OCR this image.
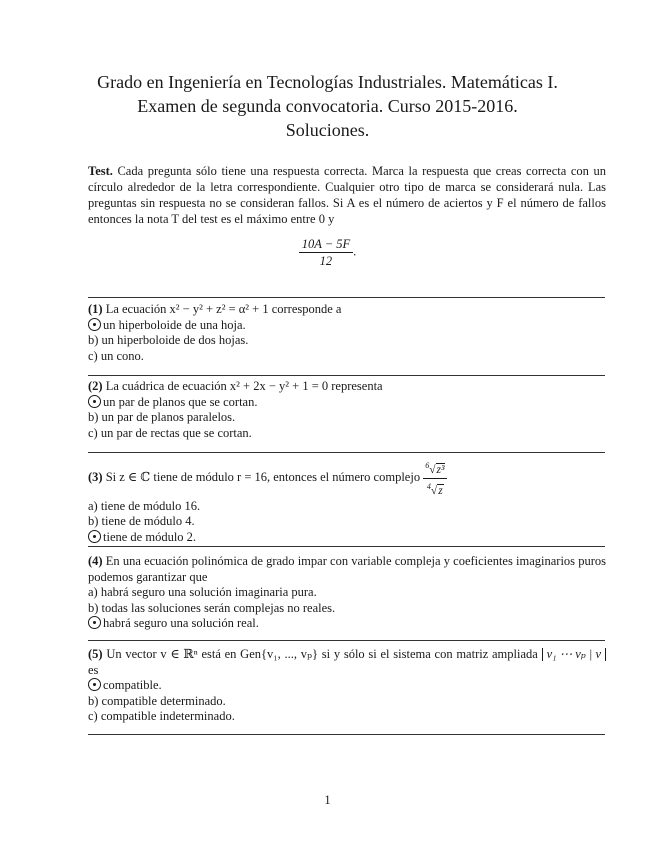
Grado en Ingeniería en Tecnologías Industriales. Matemáticas I.
Examen de segunda convocatoria. Curso 2015-2016.
Soluciones.
Test. Cada pregunta sólo tiene una respuesta correcta. Marca la respuesta que creas correcta con un círculo alrededor de la letra correspondiente. Cualquier otro tipo de marca se considerará nula. Las preguntas sin respuesta no se consideran fallos. Si A es el número de aciertos y F el número de fallos entonces la nota T del test es el máximo entre 0 y
$\frac{10A - 5F}{12}$ .
(1) La ecuación x² − y² + z² = α² + 1 corresponde a
un hiperboloide de una hoja.
b) un hiperboloide de dos hojas.
c) un cono.
(2) La cuádrica de ecuación x² + 2x − y² + 1 = 0 representa
un par de planos que se cortan.
b) un par de planos paralelos.
c) un par de rectas que se cortan.
(3) Si z ∈ ℂ tiene de módulo r = 16, entonces el número complejo $\frac{^6√z^3}{^4√z}$
a) tiene de módulo 16.
b) tiene de módulo 4.
tiene de módulo 2.
(4) En una ecuación polinómica de grado impar con variable compleja y coeficientes imaginarios puros podemos garantizar que
a) habrá seguro una solución imaginaria pura.
b) todas las soluciones serán complejas no reales.
habrá seguro una solución real.
(5) Un vector v ∈ ℝⁿ está en Gen{v₁, ..., vₚ} si y sólo si el sistema con matriz ampliada v₁ ⋯ vₚ | v es
compatible.
b) compatible determinado.
c) compatible indeterminado.
1
